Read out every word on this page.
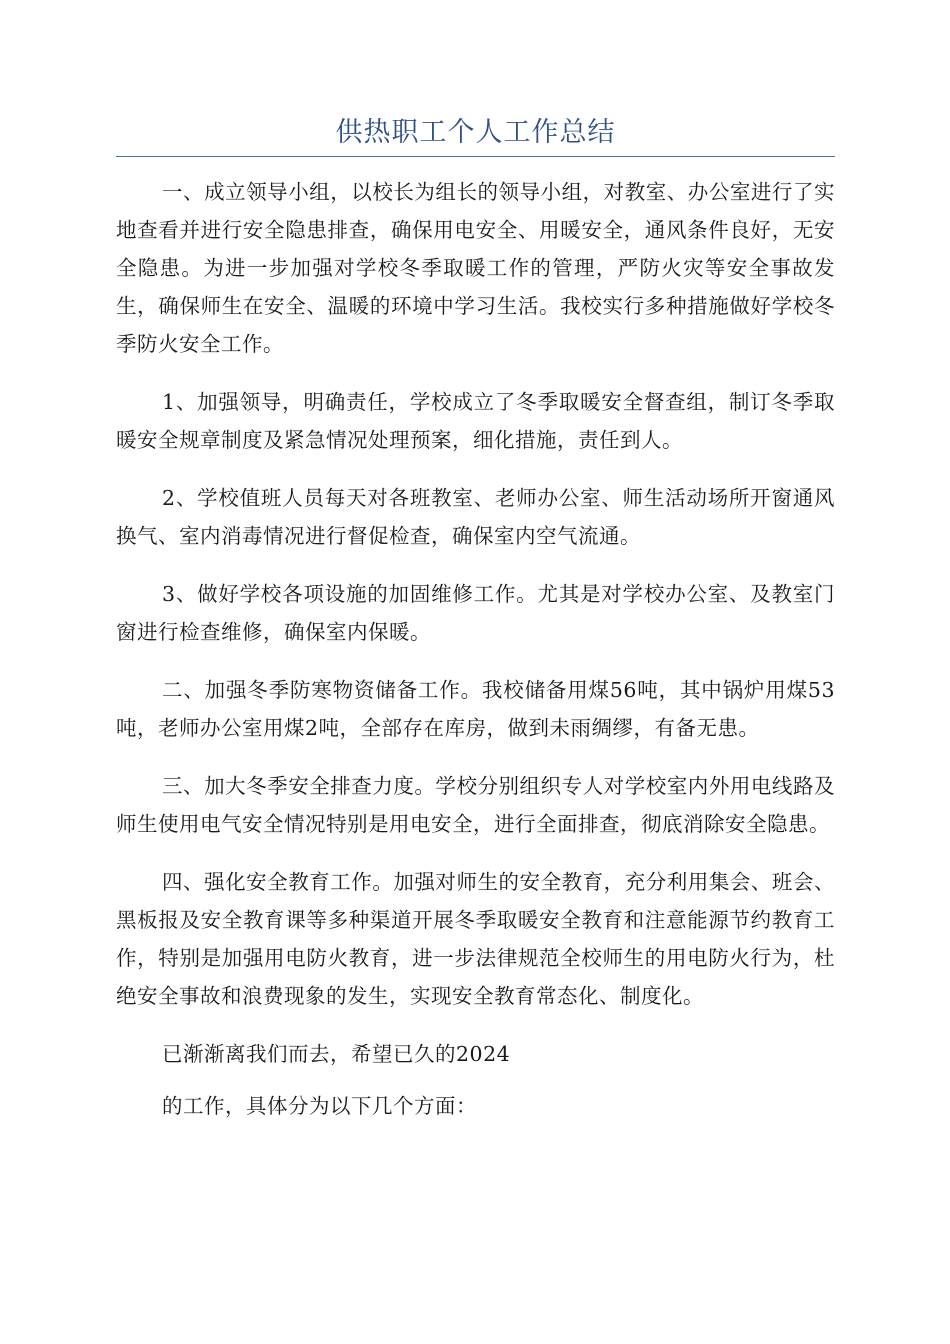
供热职工个人工作总结

一、成立领导小组，以校长为组长的领导小组，对教室、办公室进行了实地查看并进行安全隐患排查，确保用电安全、用暖安全，通风条件良好，无安全隐患。为进一步加强对学校冬季取暖工作的管理，严防火灾等安全事故发生，确保师生在安全、温暖的环境中学习生活。我校实行多种措施做好学校冬季防火安全工作。

1、加强领导，明确责任，学校成立了冬季取暖安全督查组，制订冬季取暖安全规章制度及紧急情况处理预案，细化措施，责任到人。

2、学校值班人员每天对各班教室、老师办公室、师生活动场所开窗通风换气、室内消毒情况进行督促检查，确保室内空气流通。

3、做好学校各项设施的加固维修工作。尤其是对学校办公室、及教室门窗进行检查维修，确保室内保暖。

二、加强冬季防寒物资储备工作。我校储备用煤56吨，其中锅炉用煤53吨，老师办公室用煤2吨，全部存在库房，做到未雨绸缪，有备无患。

三、加大冬季安全排查力度。学校分别组织专人对学校室内外用电线路及师生使用电气安全情况特别是用电安全，进行全面排查，彻底消除安全隐患。

四、强化安全教育工作。加强对师生的安全教育，充分利用集会、班会、黑板报及安全教育课等多种渠道开展冬季取暖安全教育和注意能源节约教育工作，特别是加强用电防火教育，进一步法律规范全校师生的用电防火行为，杜绝安全事故和浪费现象的发生，实现安全教育常态化、制度化。

已渐渐离我们而去，希望已久的2024

的工作，具体分为以下几个方面：
